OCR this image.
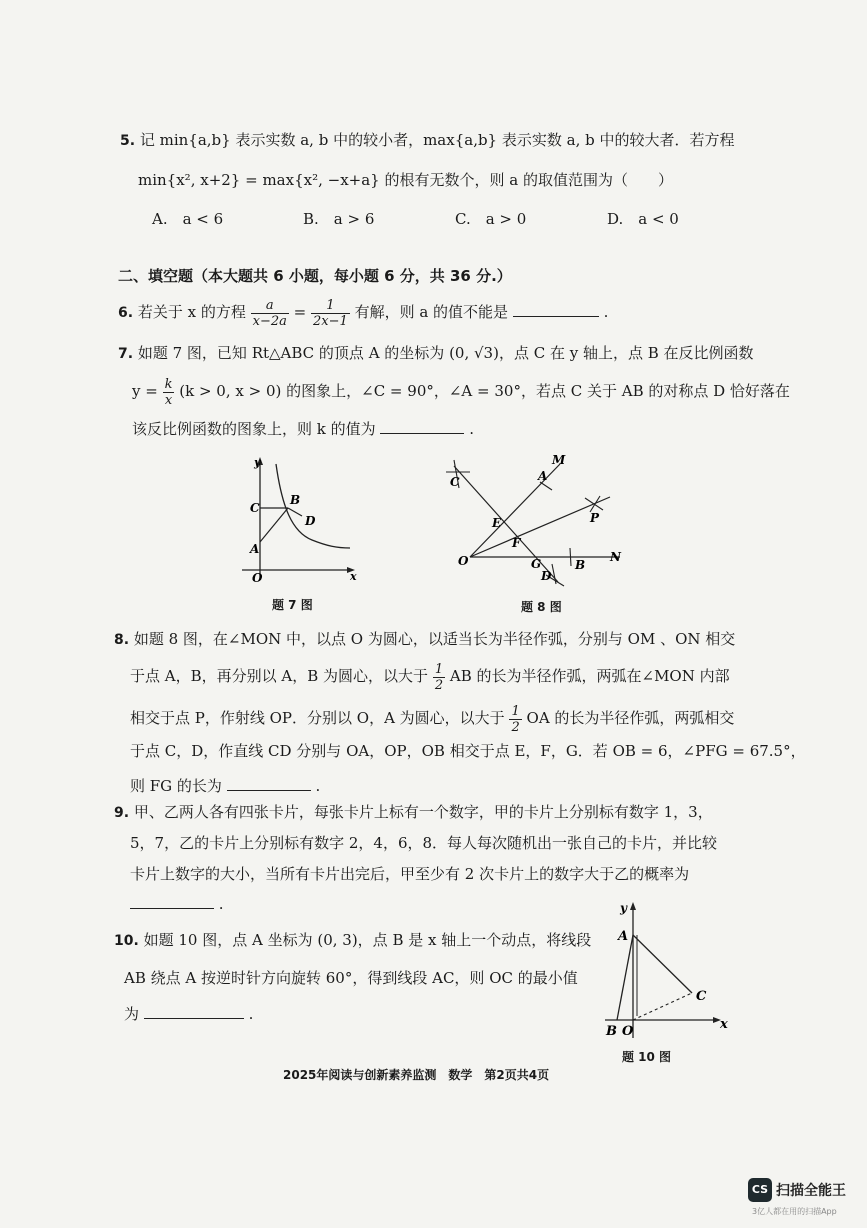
5. 记 min{a,b} 表示实数 a, b 中的较小者，max{a,b} 表示实数 a, b 中的较大者．若方程
min{x², x+2} = max{x², −x+a} 的根有无数个，则 a 的取值范围为（　　）
A.　a < 6	B.　a > 6	C.　a > 0	D.　a < 0
二、填空题（本大题共 6 小题，每小题 6 分，共 36 分.）
6. 若关于 x 的方程 $\frac{a}{x-2a} = \frac{1}{2x-1}$ 有解，则 a 的值不能是	.
7. 如题 7 图，已知 Rt△ABC 的顶点 A 的坐标为 (0, √3)，点 C 在 y 轴上，点 B 在反比例函数
$y = \frac{k}{x} (k > 0$, x > 0) 的图象上，∠C = 90°，∠A = 30°，若点 C 关于 AB 的对称点 D 恰好落在
该反比例函数的图象上，则 k 的值为	.
y
x
O
C
A
B
D
题 7 图
C	A
M
E
F
P
O	G
D
B
N
题 8 图
8. 如题 8 图，在∠MON 中，以点 O 为圆心，以适当长为半径作弧，分别与 OM 、ON 相交
于点 A，B，再分别以 A，B 为圆心，以大于 $\frac{1}{2}$ AB 的长为半径作弧，两弧在∠MON 内部
相交于点 P，作射线 OP．分别以 O，A 为圆心，以大于 $\frac{1}{2}$ OA 的长为半径作弧，两弧相交
于点 C，D，作直线 CD 分别与 OA，OP，OB 相交于点 E，F，G．若 OB = 6，∠PFG = 67.5°，
则 FG 的长为	.
9. 甲、乙两人各有四张卡片，每张卡片上标有一个数字，甲的卡片上分别标有数字 1，3，
5，7，乙的卡片上分别标有数字 2，4，6，8．每人每次随机出一张自己的卡片，并比较
卡片上数字的大小，当所有卡片出完后，甲至少有 2 次卡片上的数字大于乙的概率为
.
10. 如题 10 图，点 A 坐标为 (0, 3)，点 B 是 x 轴上一个动点，将线段
AB 绕点 A 按逆时针方向旋转 60°，得到线段 AC，则 OC 的最小值
为	.
y
A
C
B O	x
题 10 图
2025年阅读与创新素养监测　数学　第2页共4页
CS 扫描全能王
3亿人都在用的扫描App
